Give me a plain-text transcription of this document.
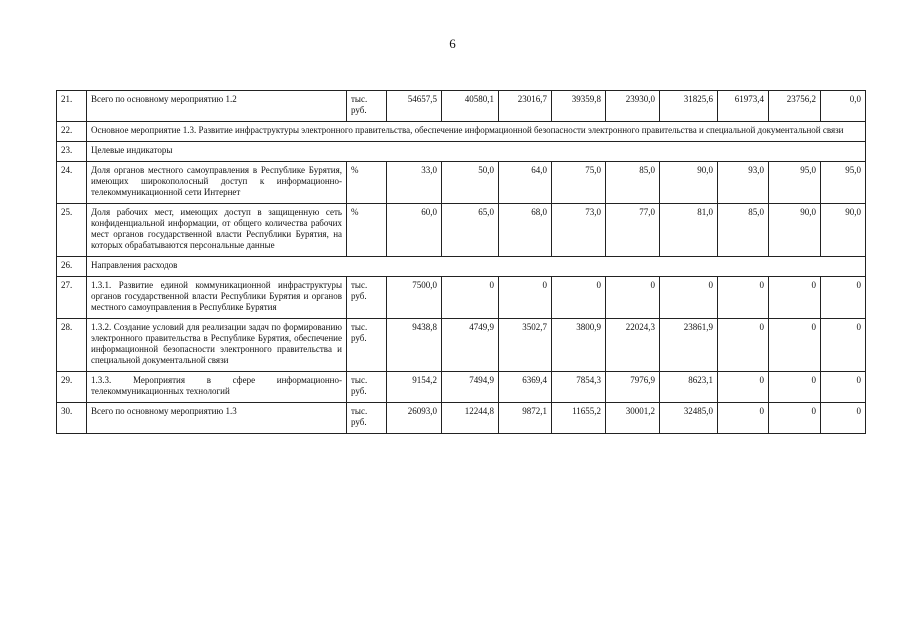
6
21.	Всего по основному мероприятию 1.2	тыс. руб.	54657,5	40580,1	23016,7	39359,8	23930,0	31825,6	61973,4	23756,2	0,0
22.	Основное мероприятие 1.3. Развитие инфраструктуры электронного правительства, обеспечение информационной безопасности электронного правительства и специальной документальной связи										
23.	Целевые индикаторы										
24.	Доля органов местного самоуправления в Республике Бурятия, имеющих широкополосный доступ к информационно-телекоммуникационной сети Интернет	%	33,0	50,0	64,0	75,0	85,0	90,0	93,0	95,0	95,0
25.	Доля рабочих мест, имеющих доступ в защищенную сеть конфиденциальной информации, от общего количества рабочих мест органов государственной власти Республики Бурятия, на которых обрабатываются персональные данные	%	60,0	65,0	68,0	73,0	77,0	81,0	85,0	90,0	90,0
26.	Направления расходов										
27.	1.3.1. Развитие единой коммуникационной инфраструктуры органов государственной власти Республики Бурятия и органов местного самоуправления в Республике Бурятия	тыс. руб.	7500,0	0	0	0	0	0	0	0	0
28.	1.3.2. Создание условий для реализации задач по формированию электронного правительства в Республике Бурятия, обеспечение информационной безопасности электронного правительства и специальной документальной связи	тыс. руб.	9438,8	4749,9	3502,7	3800,9	22024,3	23861,9	0	0	0
29.	1.3.3. Мероприятия в сфере информационно-телекоммуникационных технологий	тыс. руб.	9154,2	7494,9	6369,4	7854,3	7976,9	8623,1	0	0	0
30.	Всего по основному мероприятию 1.3	тыс. руб.	26093,0	12244,8	9872,1	11655,2	30001,2	32485,0	0	0	0
